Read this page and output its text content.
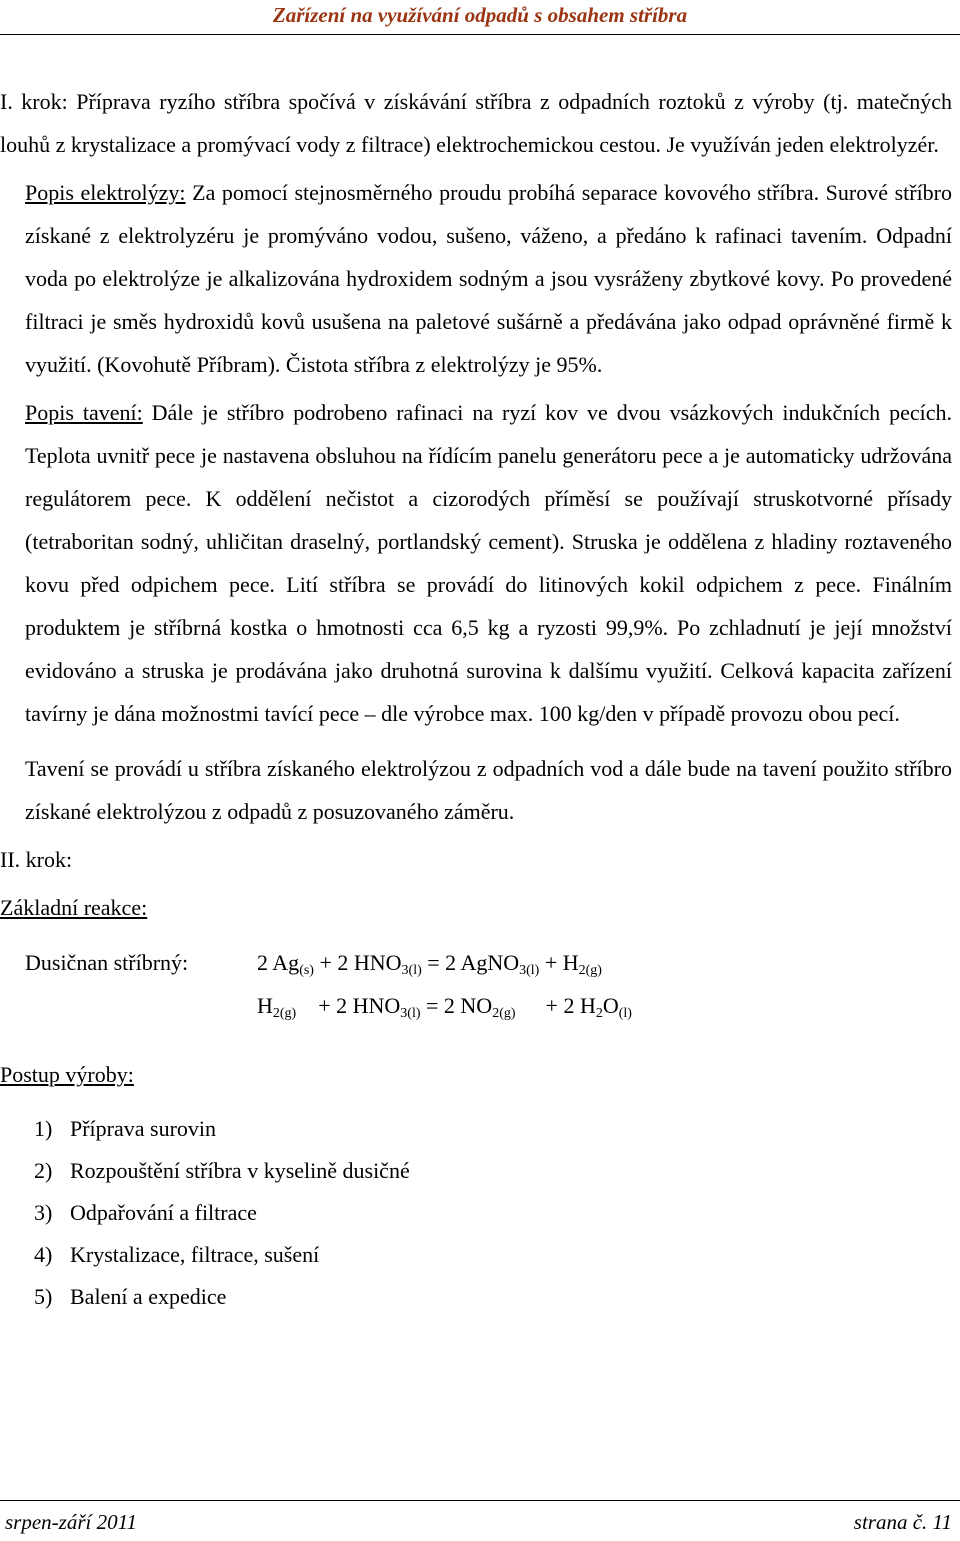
Zařízení na využívání odpadů s obsahem stříbra

I. krok: Příprava ryzího stříbra spočívá v získávání stříbra z odpadních roztoků z výroby (tj. matečných louhů z krystalizace a promývací vody z filtrace) elektrochemickou cestou. Je využíván jeden elektrolyzér.

Popis elektrolýzy: Za pomocí stejnosměrného proudu probíhá separace kovového stříbra. Surové stříbro získané z elektrolyzéru je promýváno vodou, sušeno, váženo, a předáno k rafinaci tavením. Odpadní voda po elektrolýze je alkalizována hydroxidem sodným a jsou vysráženy zbytkové kovy. Po provedené filtraci je směs hydroxidů kovů usušena na paletové sušárně a předávána jako odpad oprávněné firmě k využití. (Kovohutě Příbram). Čistota stříbra z elektrolýzy je 95%.

Popis tavení: Dále je stříbro podrobeno rafinaci na ryzí kov ve dvou vsázkových indukčních pecích. Teplota uvnitř pece je nastavena obsluhou na řídícím panelu generátoru pece a je automaticky udržována regulátorem pece. K oddělení nečistot a cizorodých příměsí se používají struskotvorné přísady (tetraboritan sodný, uhličitan draselný, portlandský cement). Struska je oddělena z hladiny roztaveného kovu před odpichem pece. Lití stříbra se provádí do litinových kokil odpichem z pece. Finálním produktem je stříbrná kostka o hmotnosti cca 6,5 kg a ryzosti 99,9%. Po zchladnutí je její množství evidováno a struska je prodávána jako druhotná surovina k dalšímu využití. Celková kapacita zařízení tavírny je dána možnostmi tavící pece – dle výrobce max. 100 kg/den v případě provozu obou pecí.

Tavení se provádí u stříbra získaného elektrolýzou z odpadních vod a dále bude na tavení použito stříbro získané elektrolýzou z odpadů z posuzovaného záměru.

II. krok:

Základní reakce:

Dusičnan stříbrný:	2 $Ag_{(s)} + 2$ $HNO_{3(l)} = 2$ AgNO$_{3(l)}$ + $H_{2(g)}$
$H_{2(g)} + 2$ $HNO_{3(l)} = 2$ $NO_{2(g)} + 2$ $H_2O_{(l)}$

Postup výroby:

1) Příprava surovin
2) Rozpouštění stříbra v kyselině dusičné
3) Odpařování a filtrace
4) Krystalizace, filtrace, sušení
5) Balení a expedice
srpen-září 2011	strana č. 11
